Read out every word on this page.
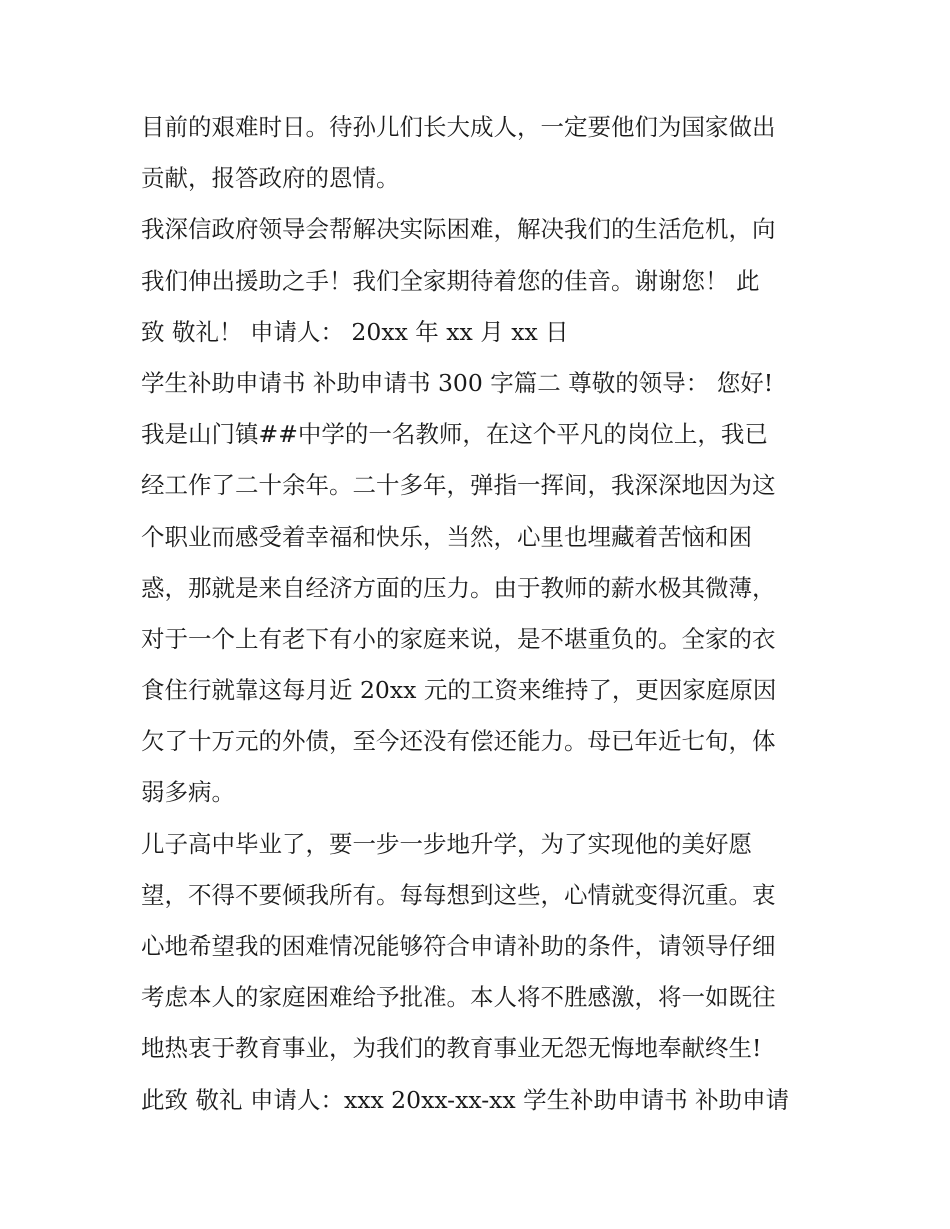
目前的艰难时日。待孙儿们长大成人，一定要他们为国家做出
贡献，报答政府的恩情。
我深信政府领导会帮解决实际困难，解决我们的生活危机，向
我们伸出援助之手！我们全家期待着您的佳音。谢谢您！ 此
致 敬礼！ 申请人： 20xx 年 xx 月 xx 日
学生补助申请书 补助申请书 300 字篇二 尊敬的领导： 您好!
我是山门镇##中学的一名教师，在这个平凡的岗位上，我已
经工作了二十余年。二十多年，弹指一挥间，我深深地因为这
个职业而感受着幸福和快乐，当然，心里也埋藏着苦恼和困
惑，那就是来自经济方面的压力。由于教师的薪水极其微薄，
对于一个上有老下有小的家庭来说，是不堪重负的。全家的衣
食住行就靠这每月近 20xx 元的工资来维持了，更因家庭原因
欠了十万元的外债，至今还没有偿还能力。母已年近七旬，体
弱多病。
儿子高中毕业了，要一步一步地升学，为了实现他的美好愿
望，不得不要倾我所有。每每想到这些，心情就变得沉重。衷
心地希望我的困难情况能够符合申请补助的条件，请领导仔细
考虑本人的家庭困难给予批准。本人将不胜感激，将一如既往
地热衷于教育事业，为我们的教育事业无怨无悔地奉献终生!
此致 敬礼 申请人：xxx 20xx-xx-xx 学生补助申请书 补助申请
